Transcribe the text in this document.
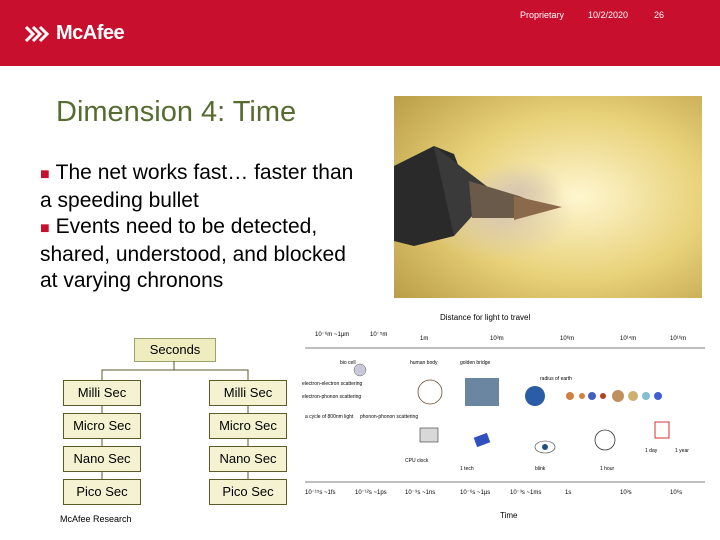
Proprietary	10/2/2020	26
McAfee
Dimension 4: Time
■ The net works fast… faster than a speeding bullet
■ Events need to be detected, shared, understood, and blocked at varying chronons
Seconds
Milli Sec
Micro Sec
Nano Sec
Pico Sec
Milli Sec
Micro Sec
Nano Sec
Pico Sec
Distance for light to travel
10⁻⁶m ~1μm	10⁻⁵m
1m	10³m	10⁶m	10¹⁴m	10¹⁶m
10⁻¹⁵s ~1fs	10⁻¹²s ~1ps	10⁻⁹s ~1ns	10⁻⁶s ~1μs	10⁻³s ~1ms	1s	10³s	10⁶s
Time
bio cell	human body	golden bridge
radius of earth
electron-electron scattering
electron-phonon scattering
a cycle of 800nm light phonon-phonon scattering
CPU clock
1 tech	blink	1 hour
1 day	1 year
McAfee Research
